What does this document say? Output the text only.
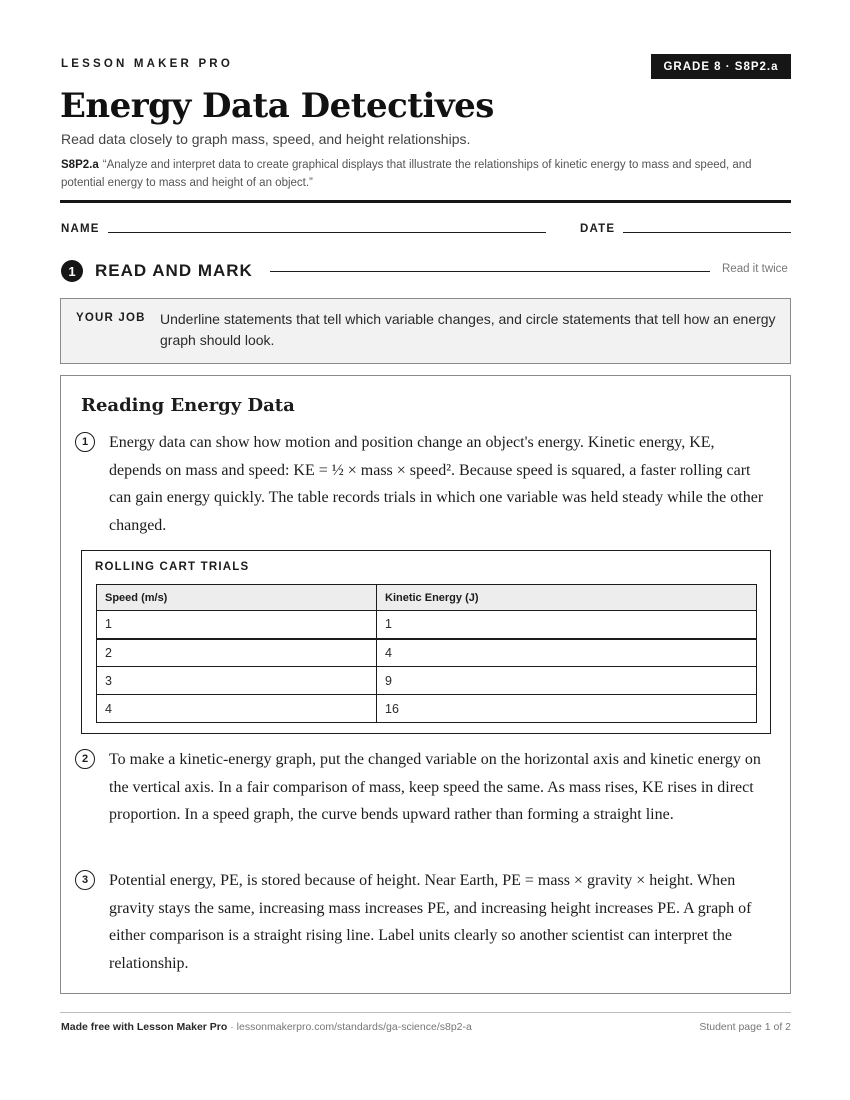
LESSON MAKER PRO	GRADE 8 · S8P2.a
Energy Data Detectives
Read data closely to graph mass, speed, and height relationships.
S8P2.a “Analyze and interpret data to create graphical displays that illustrate the relationships of kinetic energy to mass and speed, and potential energy to mass and height of an object.”
NAME	DATE
1	READ AND MARK	Read it twice
YOUR JOB Underline statements that tell which variable changes, and circle statements that tell how an energy graph should look.
Reading Energy Data
1	Energy data can show how motion and position change an object's energy. Kinetic energy, KE, depends on mass and speed: KE = ½ × mass × speed². Because speed is squared, a faster rolling cart can gain energy quickly. The table records trials in which one variable was held steady while the other changed.
ROLLING CART TRIALS
Speed (m/s)	Kinetic Energy (J)
1	1
2	4
3	9
4	16
2	To make a kinetic-energy graph, put the changed variable on the horizontal axis and kinetic energy on the vertical axis. In a fair comparison of mass, keep speed the same. As mass rises, KE rises in direct proportion. In a speed graph, the curve bends upward rather than forming a straight line.
3	Potential energy, PE, is stored because of height. Near Earth, PE = mass × gravity × height. When gravity stays the same, increasing mass increases PE, and increasing height increases PE. A graph of either comparison is a straight rising line. Label units clearly so another scientist can interpret the relationship.
Made free with Lesson Maker Pro · lessonmakerpro.com/standards/ga-science/s8p2-a	Student page 1 of 2
